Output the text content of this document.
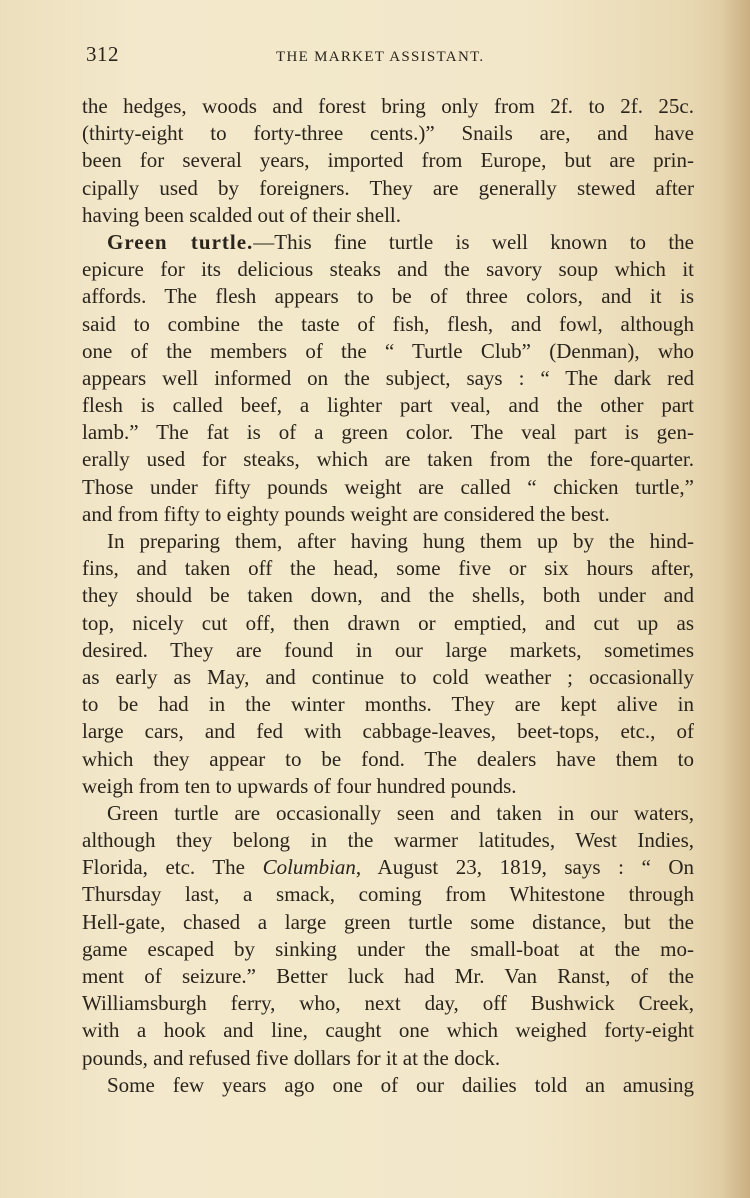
312	THE MARKET ASSISTANT.
the hedges, woods and forest bring only from 2f. to 2f. 25c.
(thirty-eight to forty-three cents.)” Snails are, and have
been for several years, imported from Europe, but are prin-
cipally used by foreigners. They are generally stewed after
having been scalded out of their shell.
Green turtle.—This fine turtle is well known to the
epicure for its delicious steaks and the savory soup which it
affords. The flesh appears to be of three colors, and it is
said to combine the taste of fish, flesh, and fowl, although
one of the members of the “ Turtle Club” (Denman), who
appears well informed on the subject, says : “ The dark red
flesh is called beef, a lighter part veal, and the other part
lamb.” The fat is of a green color. The veal part is gen-
erally used for steaks, which are taken from the fore-quarter.
Those under fifty pounds weight are called “ chicken turtle,”
and from fifty to eighty pounds weight are considered the best.
In preparing them, after having hung them up by the hind-
fins, and taken off the head, some five or six hours after,
they should be taken down, and the shells, both under and
top, nicely cut off, then drawn or emptied, and cut up as
desired. They are found in our large markets, sometimes
as early as May, and continue to cold weather ; occasionally
to be had in the winter months. They are kept alive in
large cars, and fed with cabbage-leaves, beet-tops, etc., of
which they appear to be fond. The dealers have them to
weigh from ten to upwards of four hundred pounds.
Green turtle are occasionally seen and taken in our waters,
although they belong in the warmer latitudes, West Indies,
Florida, etc. The Columbian, August 23, 1819, says : “ On
Thursday last, a smack, coming from Whitestone through
Hell-gate, chased a large green turtle some distance, but the
game escaped by sinking under the small-boat at the mo-
ment of seizure.” Better luck had Mr. Van Ranst, of the
Williamsburgh ferry, who, next day, off Bushwick Creek,
with a hook and line, caught one which weighed forty-eight
pounds, and refused five dollars for it at the dock.
Some few years ago one of our dailies told an amusing
